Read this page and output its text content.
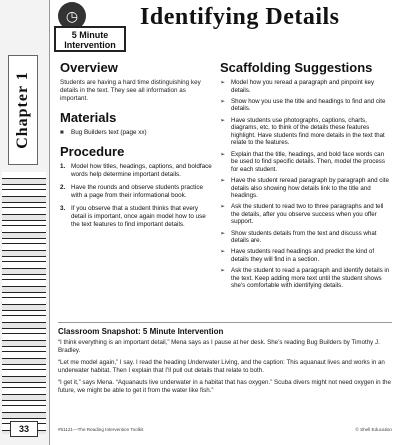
Chapter 1
33
◷
5 Minute
Intervention
Identifying Details
Overview

Students are having a hard time distinguishing key details in the text. They see all information as important.

Materials
■	Bug Builders text (page xx)
Procedure
1. Model how titles, headings, captions, and boldface words help determine important details.
2. Have the rounds and observe students practice with a page from their informational book.
3. If you observe that a student thinks that every detail is important, once again model how to use the text features to find important details.
Scaffolding Suggestions
➢ Model how you reread a paragraph and pinpoint key details.
➢ Show how you use the title and headings to find and cite details.
➢ Have students use photographs, captions, charts, diagrams, etc. to think of the details these features highlight. Have students find more details in the text that relate to the features.
➢ Explain that the title, headings, and bold face words can be used to find specific details. Then, model the process for each student.
➢ Have the student reread paragraph by paragraph and cite details also showing how details link to the title and headings.
➢ Ask the student to read two to three paragraphs and tell the details, after you observe success when you offer support.
➢ Show students details from the text and discuss what details are.
➢ Have students read headings and predict the kind of details they will find in a section.
➢ Ask the student to read a paragraph and identify details in the text. Keep adding more text until the student shows she's comfortable with identifying details.
Classroom Snapshot: 5 Minute Intervention

“I think everything is an important detail,” Mena says as I pause at her desk. She’s reading Bug Builders by Timothy J. Bradley.

“Let me model again,” I say. I read the heading Underwater Living, and the caption: This aquanaut lives and works in an underwater habitat. Then I explain that I’ll pull out details that relate to both.

“I get it,” says Mena. “Aquanauts live underwater in a habitat that has oxygen.” Scuba divers might not need oxygen in the future, we might be able to get it from the water like fish.”

#51121—The Reading Intervention Toolkit	© Shell Education
